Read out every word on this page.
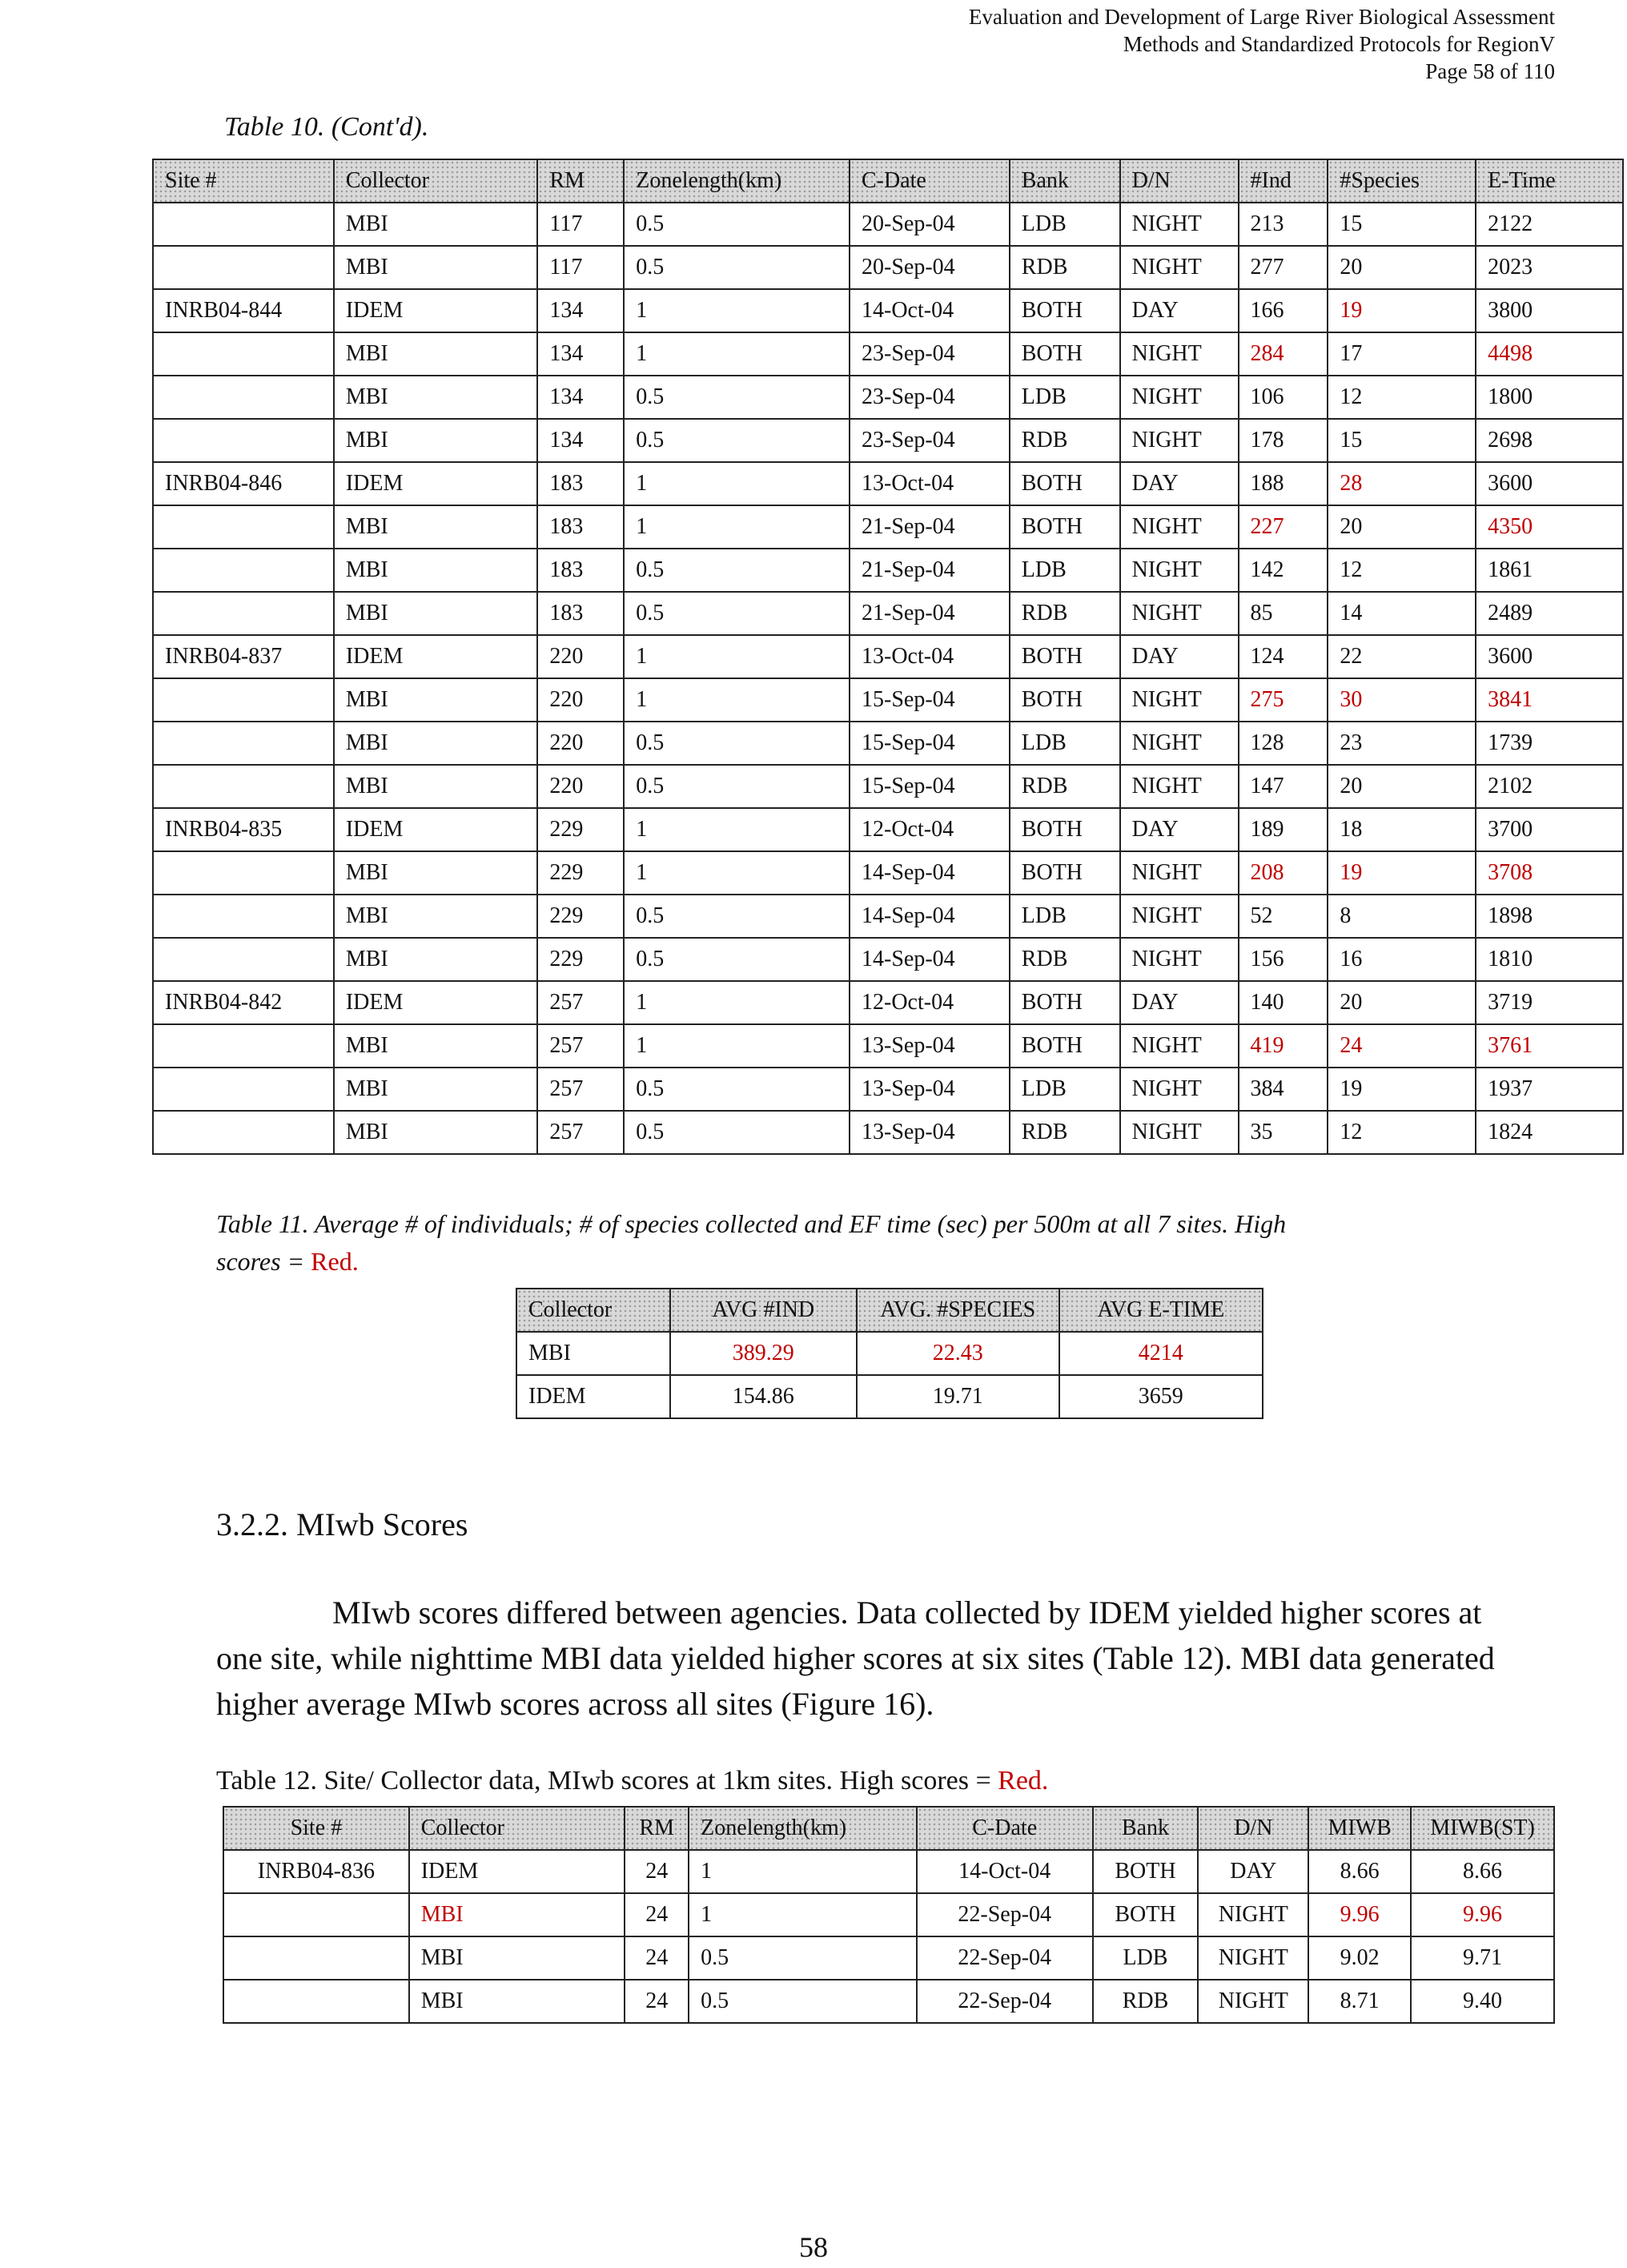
Evaluation and Development of Large River Biological Assessment
Methods and Standardized Protocols for RegionV
Page 58 of 110
Table 10. (Cont'd).
Site #	Collector	RM	Zonelength(km)	C-Date	Bank	D/N	#Ind	#Species	E-Time
	MBI	117	0.5	20-Sep-04	LDB	NIGHT	213	15	2122
	MBI	117	0.5	20-Sep-04	RDB	NIGHT	277	20	2023
INRB04-844	IDEM	134	1	14-Oct-04	BOTH	DAY	166	19	3800
	MBI	134	1	23-Sep-04	BOTH	NIGHT	284	17	4498
	MBI	134	0.5	23-Sep-04	LDB	NIGHT	106	12	1800
	MBI	134	0.5	23-Sep-04	RDB	NIGHT	178	15	2698
INRB04-846	IDEM	183	1	13-Oct-04	BOTH	DAY	188	28	3600
	MBI	183	1	21-Sep-04	BOTH	NIGHT	227	20	4350
	MBI	183	0.5	21-Sep-04	LDB	NIGHT	142	12	1861
	MBI	183	0.5	21-Sep-04	RDB	NIGHT	85	14	2489
INRB04-837	IDEM	220	1	13-Oct-04	BOTH	DAY	124	22	3600
	MBI	220	1	15-Sep-04	BOTH	NIGHT	275	30	3841
	MBI	220	0.5	15-Sep-04	LDB	NIGHT	128	23	1739
	MBI	220	0.5	15-Sep-04	RDB	NIGHT	147	20	2102
INRB04-835	IDEM	229	1	12-Oct-04	BOTH	DAY	189	18	3700
	MBI	229	1	14-Sep-04	BOTH	NIGHT	208	19	3708
	MBI	229	0.5	14-Sep-04	LDB	NIGHT	52	8	1898
	MBI	229	0.5	14-Sep-04	RDB	NIGHT	156	16	1810
INRB04-842	IDEM	257	1	12-Oct-04	BOTH	DAY	140	20	3719
	MBI	257	1	13-Sep-04	BOTH	NIGHT	419	24	3761
	MBI	257	0.5	13-Sep-04	LDB	NIGHT	384	19	1937
	MBI	257	0.5	13-Sep-04	RDB	NIGHT	35	12	1824
Table 11. Average # of individuals; # of species collected and EF time (sec) per 500m at all 7 sites. High
scores = Red.
Collector	AVG #IND	AVG. #SPECIES	AVG E-TIME
MBI	389.29	22.43	4214
IDEM	154.86	19.71	3659
3.2.2. MIwb Scores

MIwb scores differed between agencies. Data collected by IDEM yielded higher scores at one site, while nighttime MBI data yielded higher scores at six sites (Table 12). MBI data generated higher average MIwb scores across all sites (Figure 16).

Table 12. Site/ Collector data, MIwb scores at 1km sites. High scores = Red.
Site #	Collector	RM	Zonelength(km)	C-Date	Bank	D/N	MIWB	MIWB(ST)
INRB04-836	IDEM	24	1	14-Oct-04	BOTH	DAY	8.66	8.66
	MBI	24	1	22-Sep-04	BOTH	NIGHT	9.96	9.96
	MBI	24	0.5	22-Sep-04	LDB	NIGHT	9.02	9.71
	MBI	24	0.5	22-Sep-04	RDB	NIGHT	8.71	9.40
58
